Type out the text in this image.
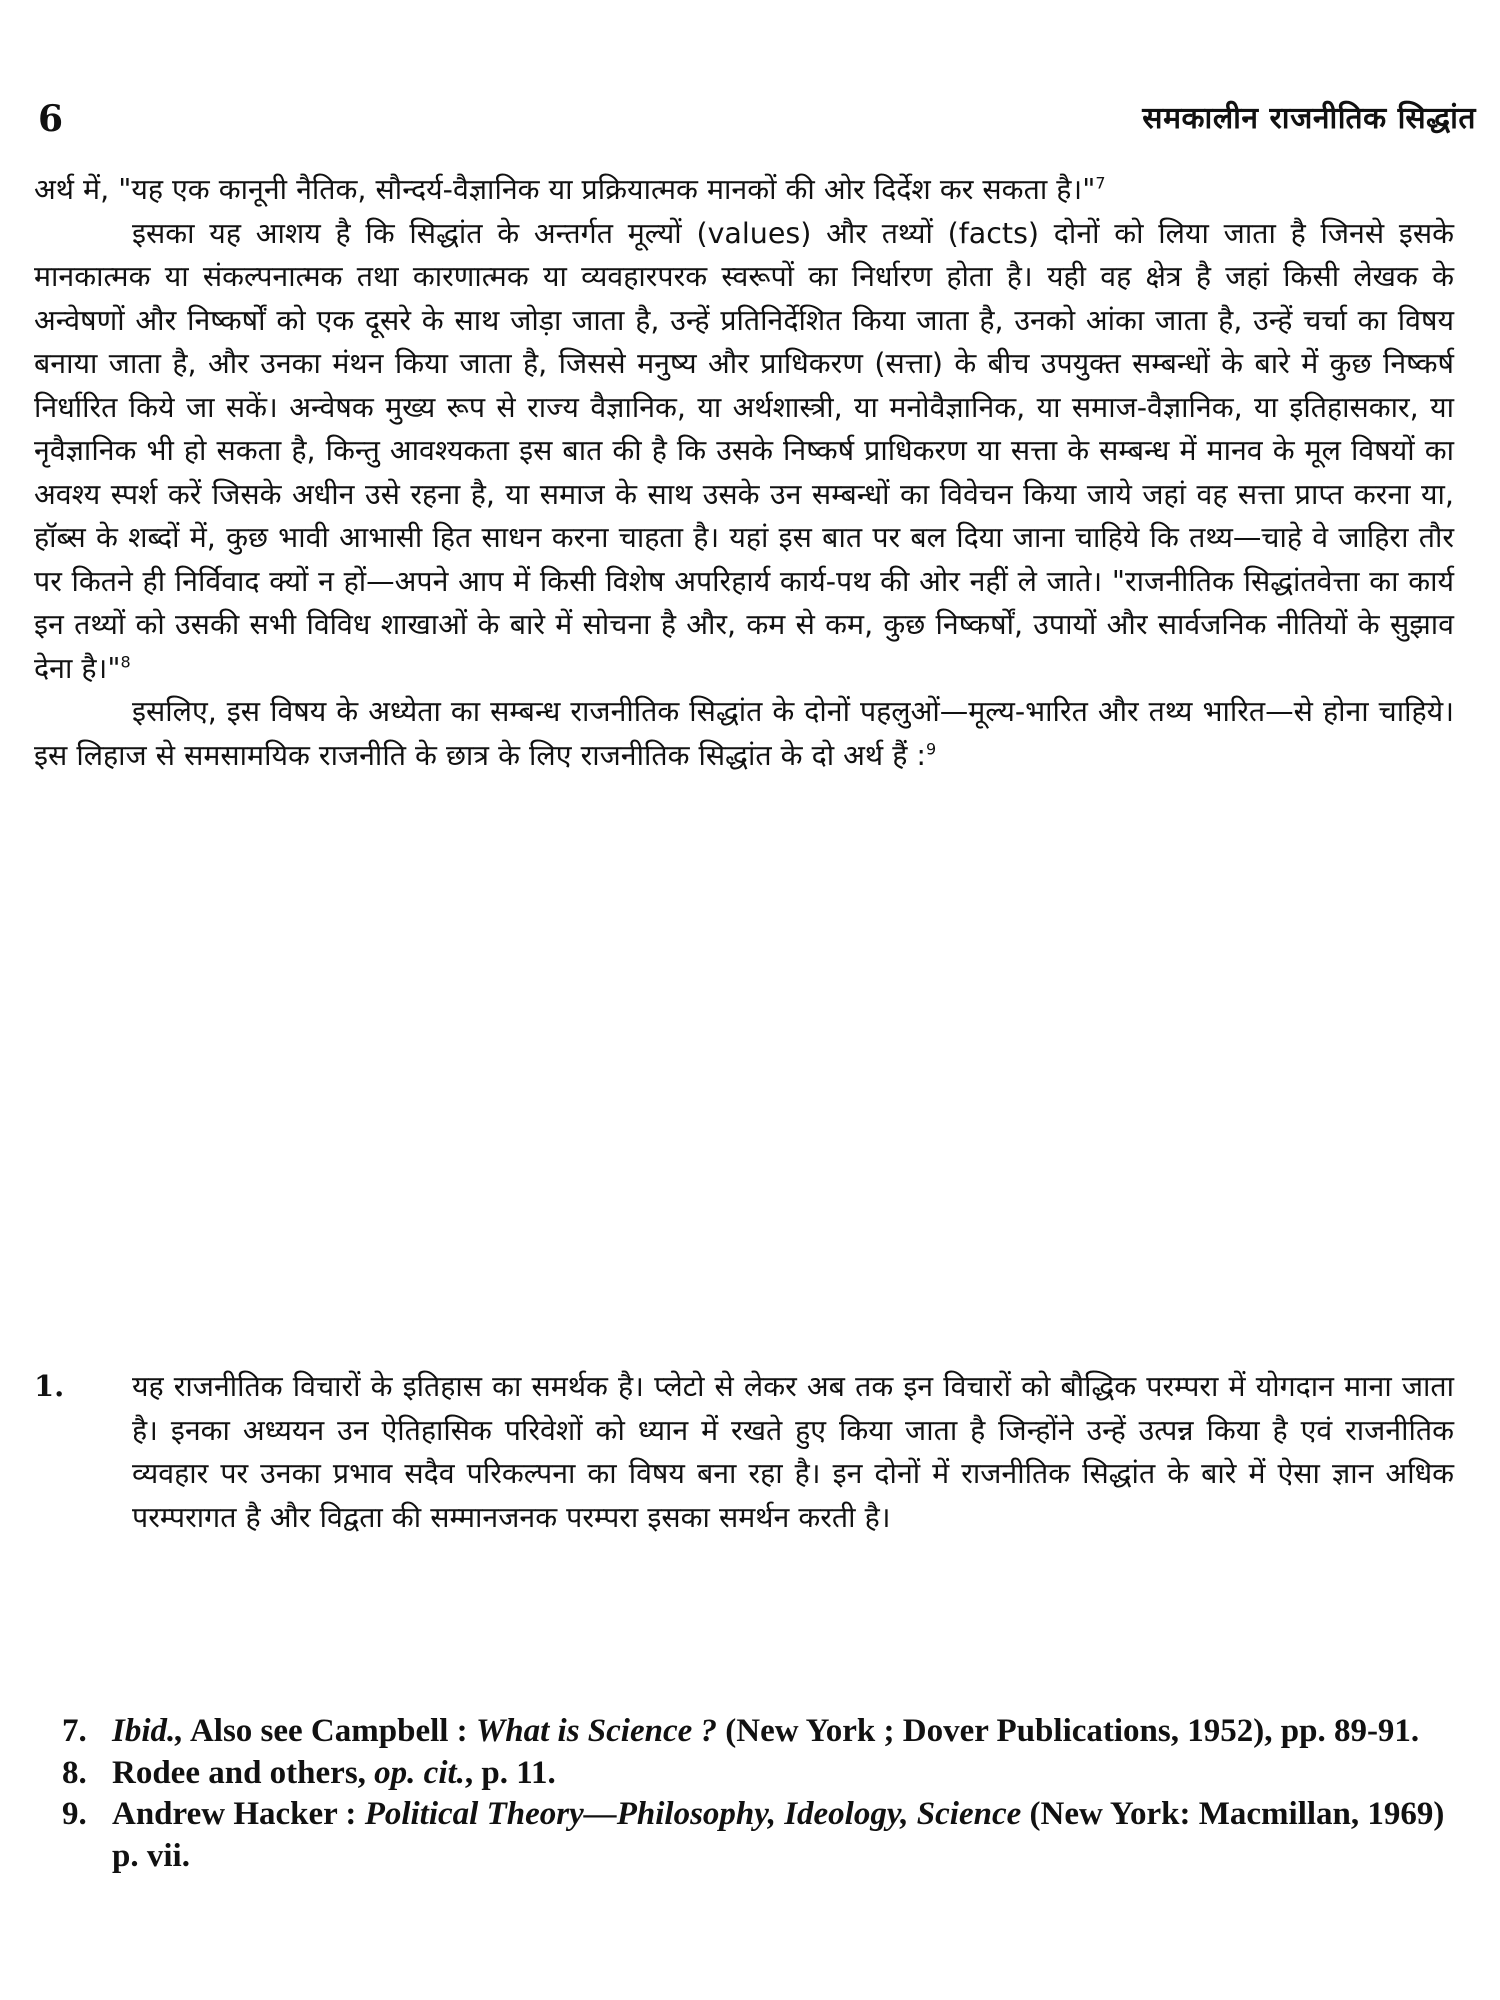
6	समकालीन राजनीतिक सिद्धांत

अर्थ में, "यह एक कानूनी नैतिक, सौन्दर्य-वैज्ञानिक या प्रक्रियात्मक मानकों की ओर दिर्देश कर सकता है।"$^7$

इसका यह आशय है कि सिद्धांत के अन्तर्गत मूल्यों (values) और तथ्यों (facts) दोनों को लिया जाता है जिनसे इसके मानकात्मक या संकल्पनात्मक तथा कारणात्मक या व्यवहारपरक स्वरूपों का निर्धारण होता है। यही वह क्षेत्र है जहां किसी लेखक के अन्वेषणों और निष्कर्षों को एक दूसरे के साथ जोड़ा जाता है, उन्हें प्रतिनिर्देशित किया जाता है, उनको आंका जाता है, उन्हें चर्चा का विषय बनाया जाता है, और उनका मंथन किया जाता है, जिससे मनुष्य और प्राधिकरण (सत्ता) के बीच उपयुक्त सम्बन्धों के बारे में कुछ निष्कर्ष निर्धारित किये जा सकें। अन्वेषक मुख्य रूप से राज्य वैज्ञानिक, या अर्थशास्त्री, या मनोवैज्ञानिक, या समाज-वैज्ञानिक, या इतिहासकार, या नृवैज्ञानिक भी हो सकता है, किन्तु आवश्यकता इस बात की है कि उसके निष्कर्ष प्राधिकरण या सत्ता के सम्बन्ध में मानव के मूल विषयों का अवश्य स्पर्श करें जिसके अधीन उसे रहना है, या समाज के साथ उसके उन सम्बन्धों का विवेचन किया जाये जहां वह सत्ता प्राप्त करना या, हॉब्स के शब्दों में, कुछ भावी आभासी हित साधन करना चाहता है। यहां इस बात पर बल दिया जाना चाहिये कि तथ्य—चाहे वे जाहिरा तौर पर कितने ही निर्विवाद क्यों न हों—अपने आप में किसी विशेष अपरिहार्य कार्य-पथ की ओर नहीं ले जाते। "राजनीतिक सिद्धांतवेत्ता का कार्य इन तथ्यों को उसकी सभी विविध शाखाओं के बारे में सोचना है और, कम से कम, कुछ निष्कर्षों, उपायों और सार्वजनिक नीतियों के सुझाव देना है।"$^8$

इसलिए, इस विषय के अध्येता का सम्बन्ध राजनीतिक सिद्धांत के दोनों पहलुओं—मूल्य-भारित और तथ्य भारित—से होना चाहिये। इस लिहाज से समसामयिक राजनीति के छात्र के लिए राजनीतिक सिद्धांत के दो अर्थ हैं :$^9$

1. यह राजनीतिक विचारों के इतिहास का समर्थक है। प्लेटो से लेकर अब तक इन विचारों को बौद्धिक परम्परा में योगदान माना जाता है। इनका अध्ययन उन ऐतिहासिक परिवेशों को ध्यान में रखते हुए किया जाता है जिन्होंने उन्हें उत्पन्न किया है एवं राजनीतिक व्यवहार पर उनका प्रभाव सदैव परिकल्पना का विषय बना रहा है। इन दोनों में राजनीतिक सिद्धांत के बारे में ऐसा ज्ञान अधिक परम्परागत है और विद्वता की सम्मानजनक परम्परा इसका समर्थन करती है।
7. Ibid., Also see Campbell : What is Science ? (New York ; Dover Publications, 1952), pp. 89-91.
8. Rodee and others, op. cit., p. 11.
9. Andrew Hacker : Political Theory—Philosophy, Ideology, Science (New York: Macmillan, 1969) p. vii.
